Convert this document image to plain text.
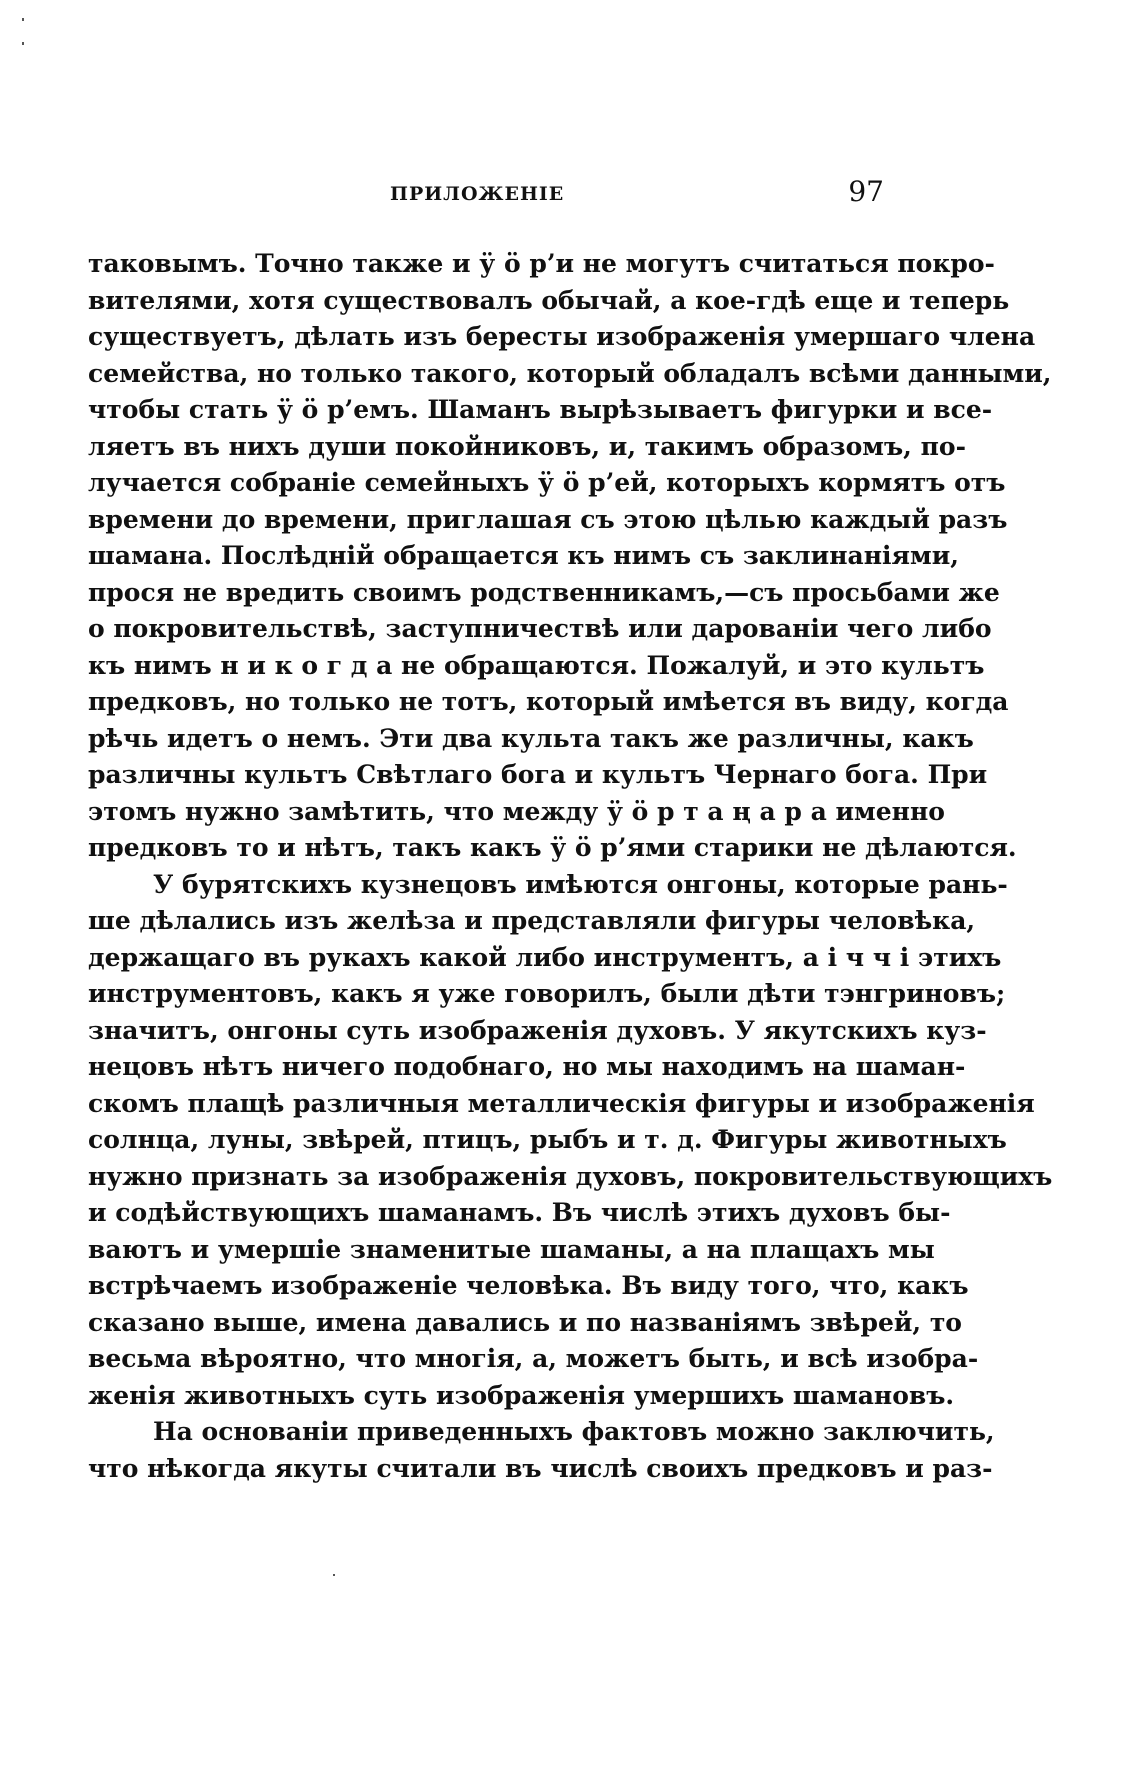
ПРИЛОЖЕНІЕ	97
таковымъ. Точно также и ӱ ö р’и не могутъ считаться покро-
вителями, хотя существовалъ обычай, а кое-гдѣ еще и теперь
существуетъ, дѣлать изъ бересты изображенія умершаго члена
семейства, но только такого, который обладалъ всѣми данными,
чтобы стать ӱ ö р’емъ. Шаманъ вырѣзываетъ фигурки и все-
ляетъ въ нихъ души покойниковъ, и, такимъ образомъ, по-
лучается собраніе семейныхъ ӱ ö р’ей, которыхъ кормятъ отъ
времени до времени, приглашая съ этою цѣлью каждый разъ
шамана. Послѣдній обращается къ нимъ съ заклинаніями,
прося не вредить своимъ родственникамъ,—съ просьбами же
о покровительствѣ, заступничествѣ или дарованіи чего либо
къ нимъ н и к о г д а не обращаются. Пожалуй, и это культъ
предковъ, но только не тотъ, который имѣется въ виду, когда
рѣчь идетъ о немъ. Эти два культа такъ же различны, какъ
различны культъ Свѣтлаго бога и культъ Чернаго бога. При
этомъ нужно замѣтить, что между ӱ ö р т а ң а р а именно
предковъ то и нѣтъ, такъ какъ ӱ ö р’ями старики не дѣлаются.
У бурятскихъ кузнецовъ имѣются онгоны, которые рань-
ше дѣлались изъ желѣза и представляли фигуры человѣка,
держащаго въ рукахъ какой либо инструментъ, а і ч ч і этихъ
инструментовъ, какъ я уже говорилъ, были дѣти тэнгриновъ;
значитъ, онгоны суть изображенія духовъ. У якутскихъ куз-
нецовъ нѣтъ ничего подобнаго, но мы находимъ на шаман-
скомъ плащѣ различныя металлическія фигуры и изображенія
солнца, луны, звѣрей, птицъ, рыбъ и т. д. Фигуры животныхъ
нужно признать за изображенія духовъ, покровительствующихъ
и содѣйствующихъ шаманамъ. Въ числѣ этихъ духовъ бы-
ваютъ и умершіе знаменитые шаманы, а на плащахъ мы
встрѣчаемъ изображеніе человѣка. Въ виду того, что, какъ
сказано выше, имена давались и по названіямъ звѣрей, то
весьма вѣроятно, что многія, а, можетъ быть, и всѣ изобра-
женія животныхъ суть изображенія умершихъ шамановъ.
На основаніи приведенныхъ фактовъ можно заключить,
что нѣкогда якуты считали въ числѣ своихъ предковъ и раз-
